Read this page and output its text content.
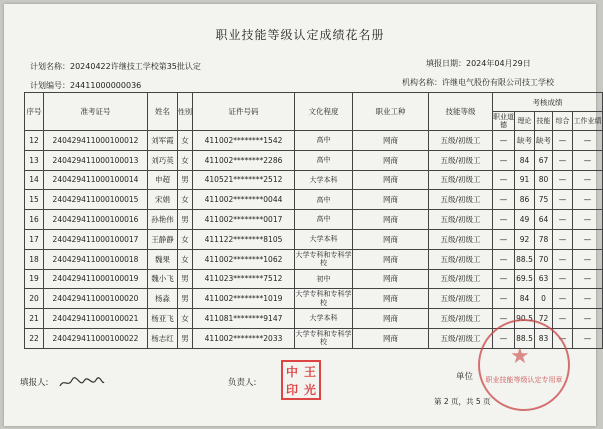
职业技能等级认定成绩花名册
计划名称：20240422许继技工学校第35批认定	填报日期：2024年04月29日
计划编号：24411000000036	机构名称：许继电气股份有限公司技工学校
序号	准考证号	姓名	性别	证件号码	文化程度	职业工种	技能等级	考核成绩				
								职业道德	理论	技能	综合	工作业绩
12	240429411000100012	刘军霞	女	411002********1542	高中	网商	五级/初级工	—	缺考	缺考	—	—
13	240429411000100013	刘巧英	女	411002********2286	高中	网商	五级/初级工	—	84	67	—	—
14	240429411000100014	申超	男	410521********2512	大学本科	网商	五级/初级工	—	91	80	—	—
15	240429411000100015	宋娟	女	411002********0044	高中	网商	五级/初级工	—	86	75	—	—
16	240429411000100016	孙艳伟	男	411002********0017	高中	网商	五级/初级工	—	49	64	—	—
17	240429411000100017	王静静	女	411122********8105	大学本科	网商	五级/初级工	—	92	78	—	—
18	240429411000100018	魏果	女	411002********1062	大学专科和专科学校	网商	五级/初级工	—	88.5	70	—	—
19	240429411000100019	魏小飞	男	411023********7512	初中	网商	五级/初级工	—	69.5	63	—	—
20	240429411000100020	杨淼	男	411002********1019	大学专科和专科学校	网商	五级/初级工	—	84	0	—	—
21	240429411000100021	杨亚飞	女	411081********9147	大学本科	网商	五级/初级工	—	90.5	72	—	—
22	240429411000100022	杨志红	男	411002********2033	大学专科和专科学校	网商	五级/初级工	—	88.5	83	—	—
填报人:	负责人:
中 王
印 光
单位
★
职业技能等级认定专用章
第 2 页，共 5 页
